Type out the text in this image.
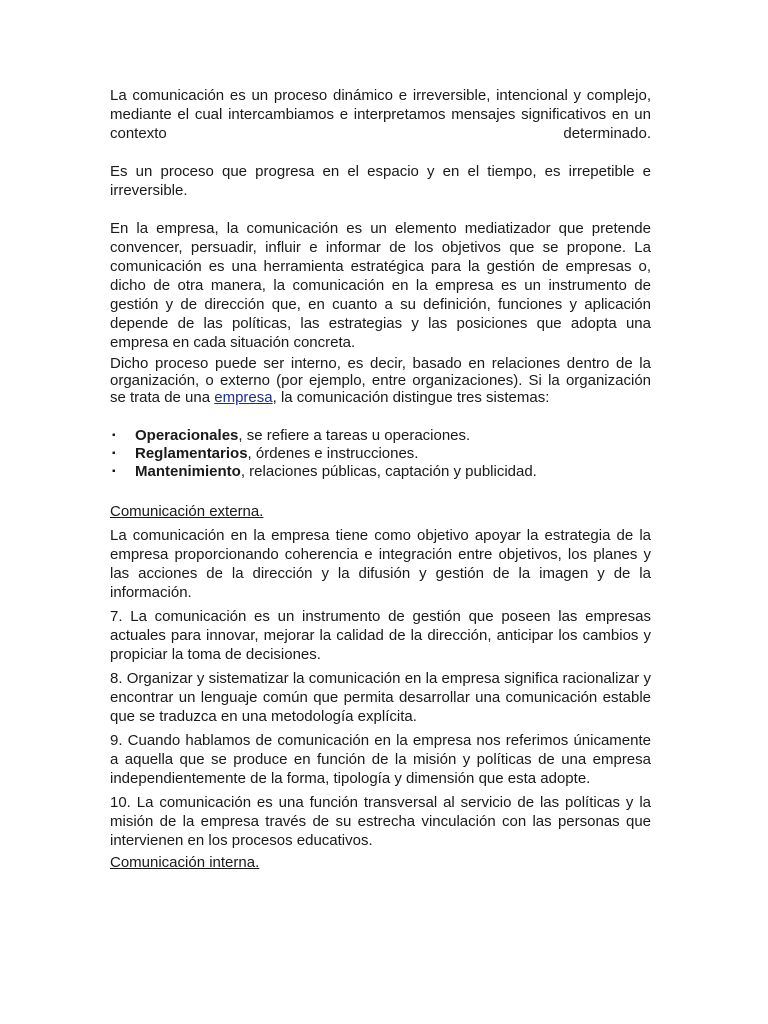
La comunicación es un proceso dinámico e irreversible, intencional y complejo, mediante el cual intercambiamos e interpretamos mensajes significativos en un contexto determinado.

Es un proceso que progresa en el espacio y en el tiempo, es irrepetible e irreversible.

En la empresa, la comunicación es un elemento mediatizador que pretende convencer, persuadir, influir e informar de los objetivos que se propone. La comunicación es una herramienta estratégica para la gestión de empresas o, dicho de otra manera, la comunicación en la empresa es un instrumento de gestión y de dirección que, en cuanto a su definición, funciones y aplicación depende de las políticas, las estrategias y las posiciones que adopta una empresa en cada situación concreta.

Dicho proceso puede ser interno, es decir, basado en relaciones dentro de la organización, o externo (por ejemplo, entre organizaciones). Si la organización se trata de una empresa, la comunicación distingue tres sistemas:

▪ Operacionales, se refiere a tareas u operaciones.
▪ Reglamentarios, órdenes e instrucciones.
▪ Mantenimiento, relaciones públicas, captación y publicidad.

Comunicación externa.

La comunicación en la empresa tiene como objetivo apoyar la estrategia de la empresa proporcionando coherencia e integración entre objetivos, los planes y las acciones de la dirección y la difusión y gestión de la imagen y de la información.

7. La comunicación es un instrumento de gestión que poseen las empresas actuales para innovar, mejorar la calidad de la dirección, anticipar los cambios y propiciar la toma de decisiones.

8. Organizar y sistematizar la comunicación en la empresa significa racionalizar y encontrar un lenguaje común que permita desarrollar una comunicación estable que se traduzca en una metodología explícita.

9. Cuando hablamos de comunicación en la empresa nos referimos únicamente a aquella que se produce en función de la misión y políticas de una empresa independientemente de la forma, tipología y dimensión que esta adopte.

10. La comunicación es una función transversal al servicio de las políticas y la misión de la empresa través de su estrecha vinculación con las personas que intervienen en los procesos educativos.

Comunicación interna.
